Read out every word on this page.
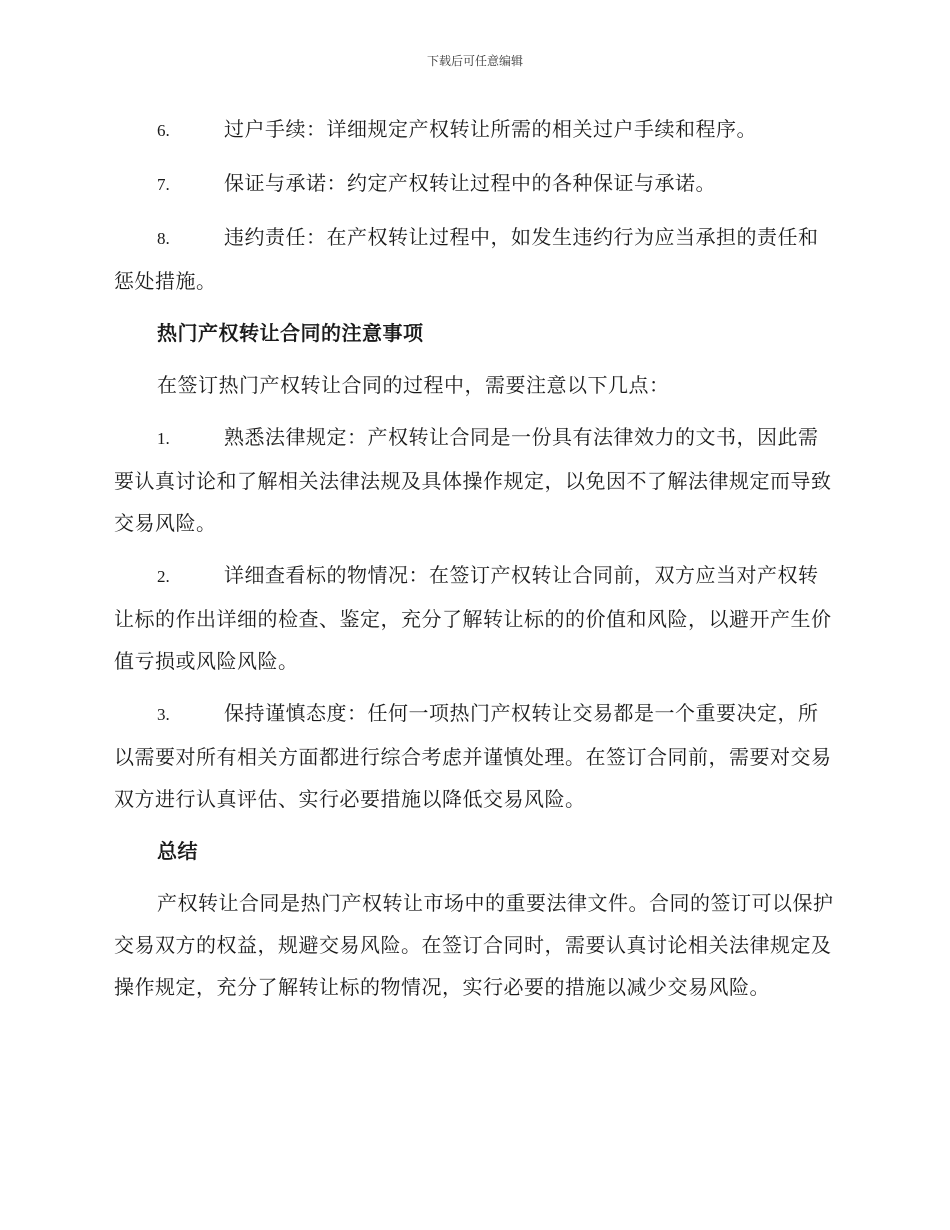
下载后可任意编辑
6.	过户手续：详细规定产权转让所需的相关过户手续和程序。
7.	保证与承诺：约定产权转让过程中的各种保证与承诺。
8.	违约责任：在产权转让过程中，如发生违约行为应当承担的责任和惩处措施。
热门产权转让合同的注意事项
在签订热门产权转让合同的过程中，需要注意以下几点：
1.	熟悉法律规定：产权转让合同是一份具有法律效力的文书，因此需要认真讨论和了解相关法律法规及具体操作规定，以免因不了解法律规定而导致交易风险。
2.	详细查看标的物情况：在签订产权转让合同前，双方应当对产权转让标的作出详细的检查、鉴定，充分了解转让标的的价值和风险，以避开产生价值亏损或风险风险。
3.	保持谨慎态度：任何一项热门产权转让交易都是一个重要决定，所以需要对所有相关方面都进行综合考虑并谨慎处理。在签订合同前，需要对交易双方进行认真评估、实行必要措施以降低交易风险。
总结
产权转让合同是热门产权转让市场中的重要法律文件。合同的签订可以保护交易双方的权益，规避交易风险。在签订合同时，需要认真讨论相关法律规定及操作规定，充分了解转让标的物情况，实行必要的措施以减少交易风险。
